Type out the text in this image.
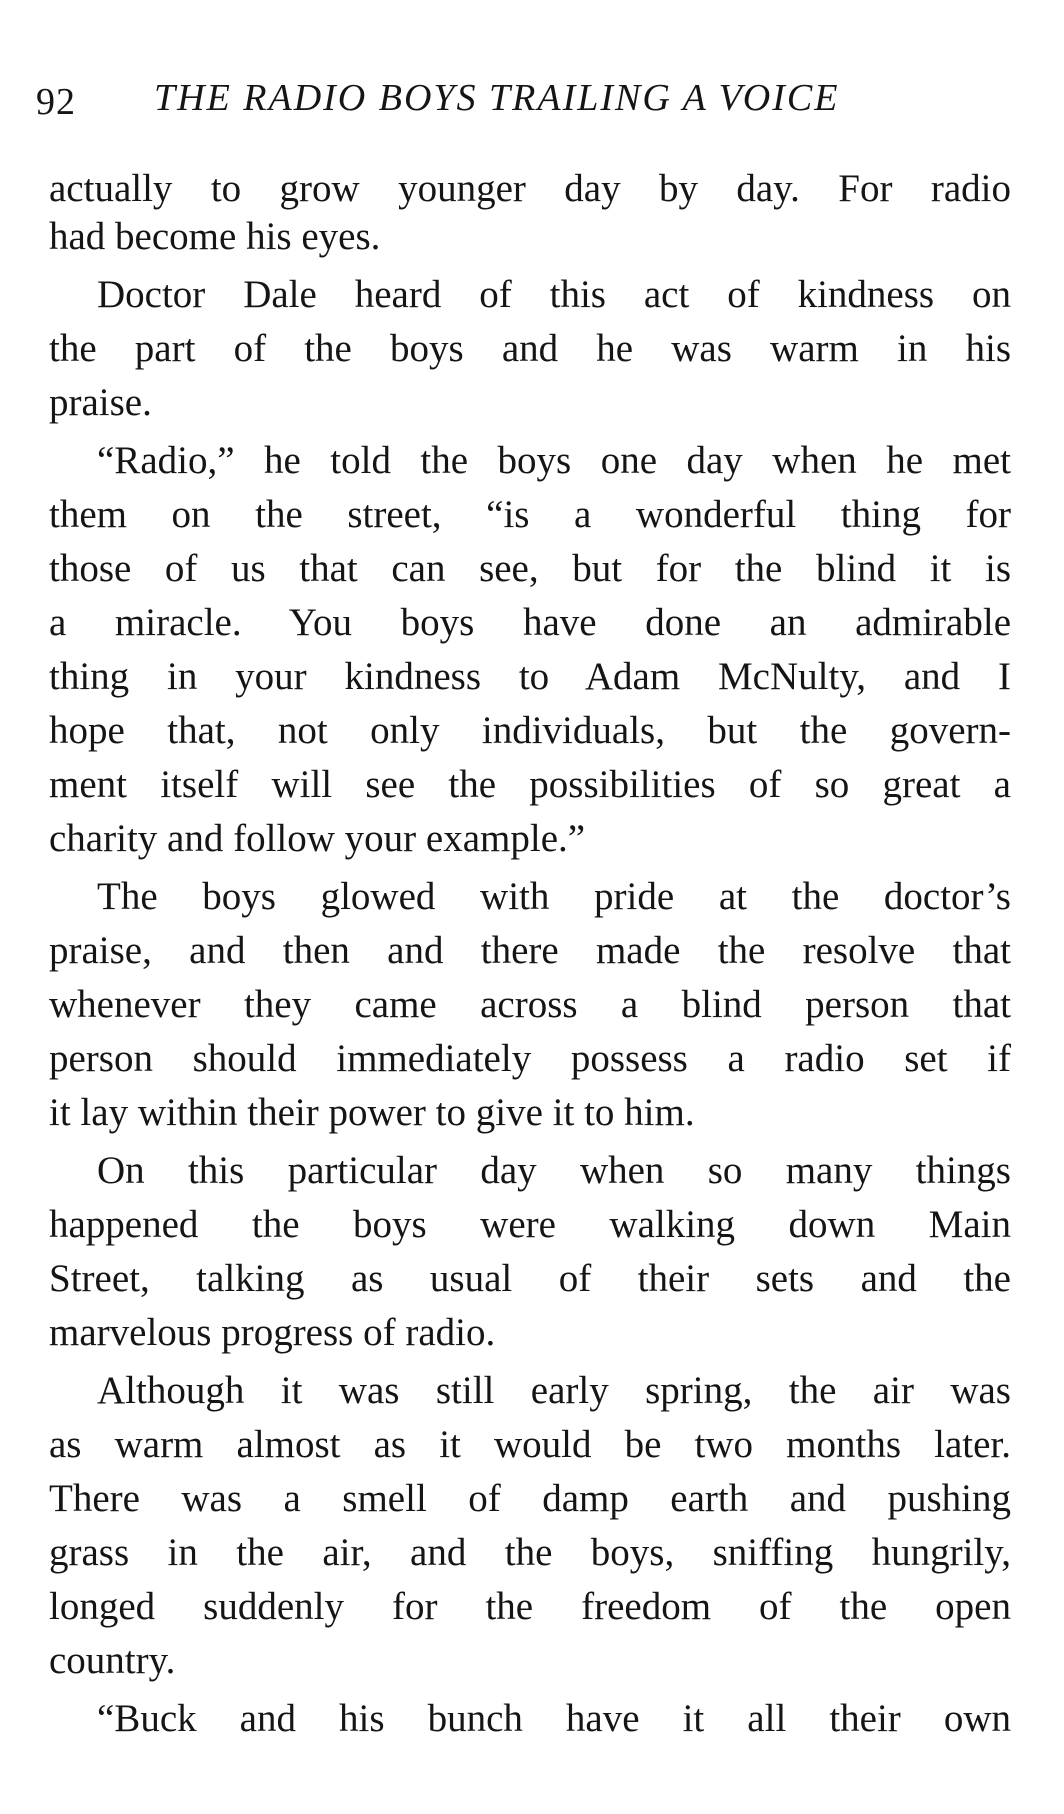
92 THE RADIO BOYS TRAILING A VOICE
actually to grow younger day by day. For radio
had become his eyes.
Doctor Dale heard of this act of kindness on
the part of the boys and he was warm in his
praise.
“Radio,” he told the boys one day when he met
them on the street, “is a wonderful thing for
those of us that can see, but for the blind it is
a miracle. You boys have done an admirable
thing in your kindness to Adam McNulty, and I
hope that, not only individuals, but the govern-
ment itself will see the possibilities of so great a
charity and follow your example.”
The boys glowed with pride at the doctor’s
praise, and then and there made the resolve that
whenever they came across a blind person that
person should immediately possess a radio set if
it lay within their power to give it to him.
On this particular day when so many things
happened the boys were walking down Main
Street, talking as usual of their sets and the
marvelous progress of radio.
Although it was still early spring, the air was
as warm almost as it would be two months later.
There was a smell of damp earth and pushing
grass in the air, and the boys, sniffing hungrily,
longed suddenly for the freedom of the open
country.
“Buck and his bunch have it all their own
